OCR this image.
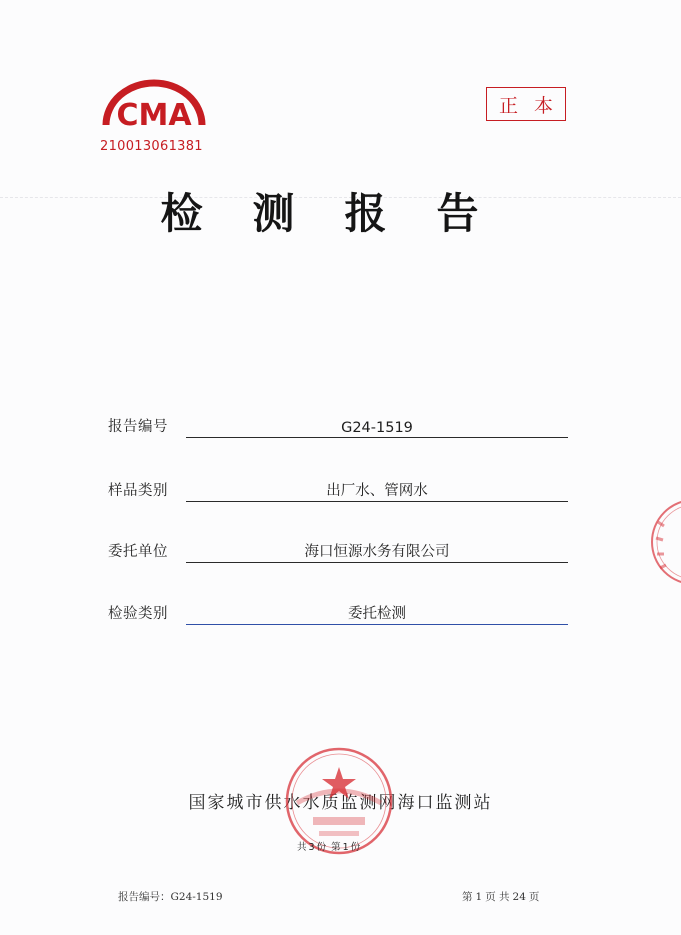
CMA
210013061381
正本
检测报告
报告编号	G24-1519
样品类别	出厂水、管网水
委托单位	海口恒源水务有限公司
检验类别	委托检测
国家城市供水水质监测网海口监测站
共 3 份 第 1 份
报告编号：G24-1519	第 1 页 共 24 页
